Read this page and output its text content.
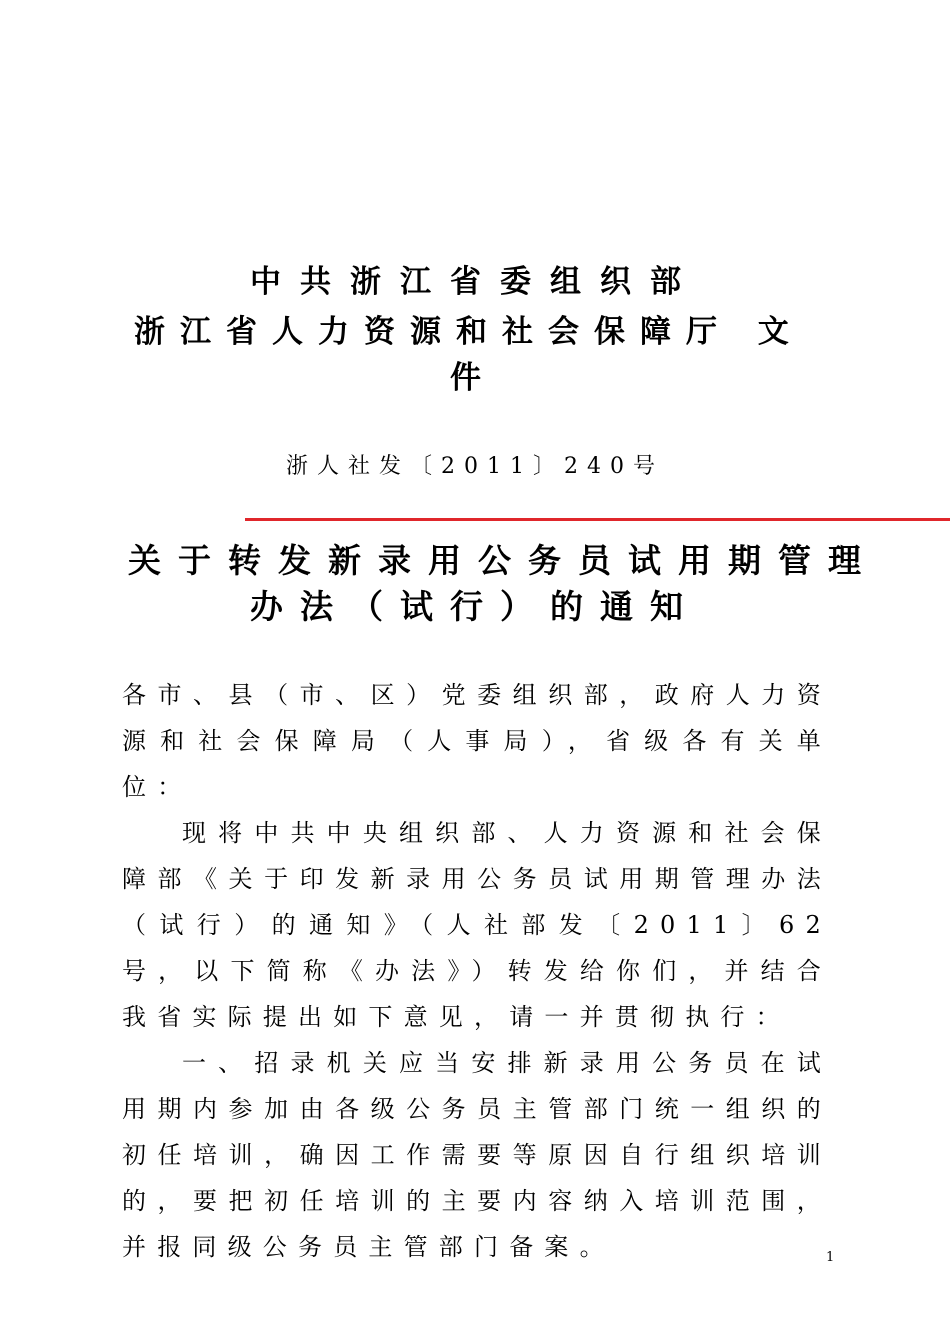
中共浙江省委组织部
浙江省人力资源和社会保障厅 文
件
浙人社发〔2011〕240号
关于转发新录用公务员试用期管理
办法（试行）的通知

各市、县（市、区）党委组织部，政府人力资源和社会保障局（人事局），省级各有关单位：

现将中共中央组织部、人力资源和社会保障部《关于印发新录用公务员试用期管理办法（试行）的通知》（人社部发〔2011〕62号，以下简称《办法》）转发给你们，并结合我省实际提出如下意见，请一并贯彻执行：

一、招录机关应当安排新录用公务员在试用期内参加由各级公务员主管部门统一组织的初任培训，确因工作需要等原因自行组织培训的，要把初任培训的主要内容纳入培训范围，并报同级公务员主管部门备案。	1
